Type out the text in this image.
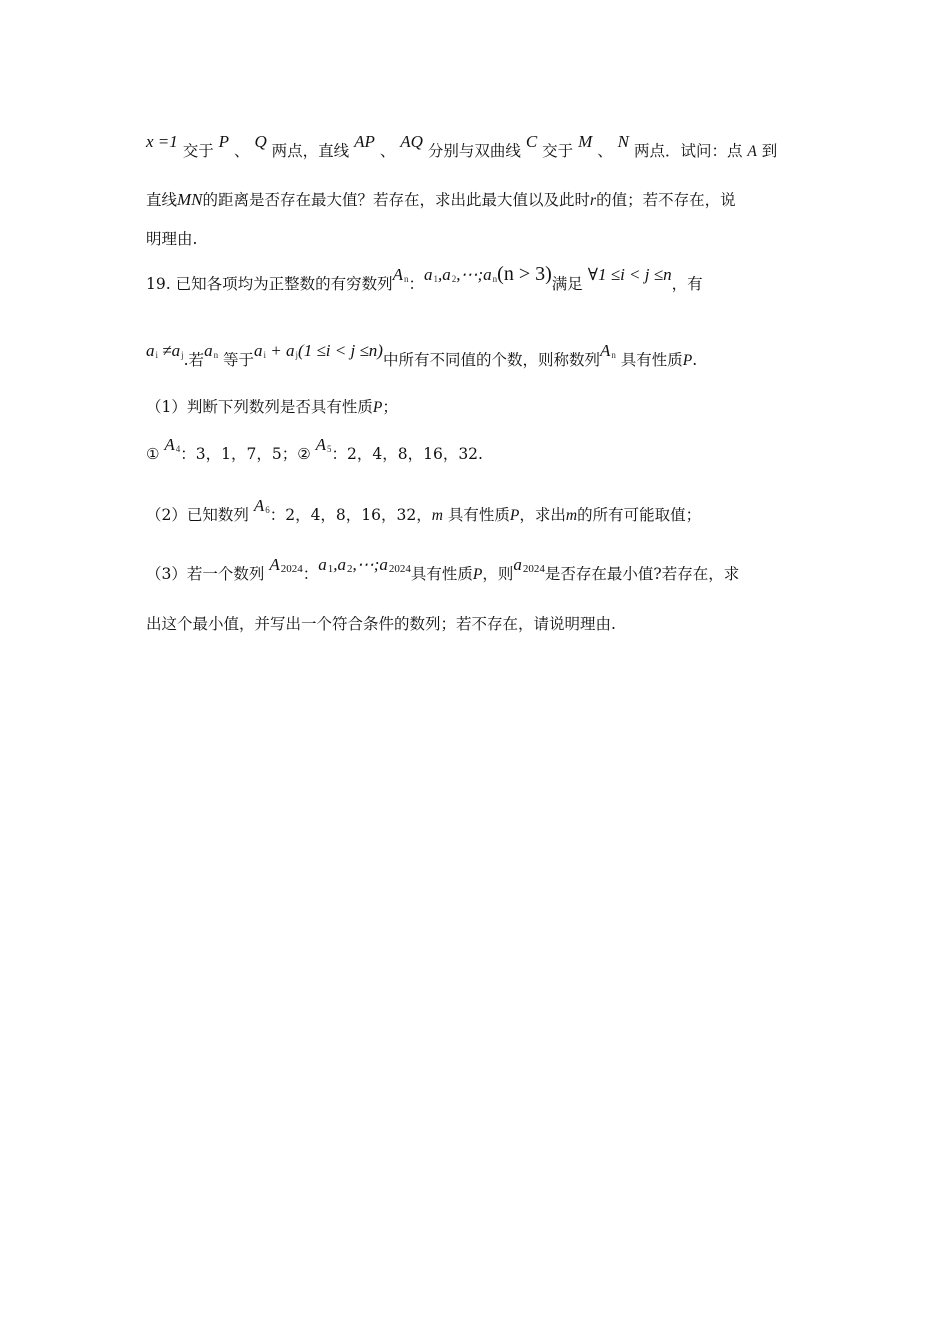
x =1 交于 P 、 Q 两点，直线 AP 、 AQ 分别与双曲线 C 交于 M 、 N 两点．试问：点 A 到
直线MN的距离是否存在最大值？若存在，求出此最大值以及此时r的值；若不存在，说
明理由.
19. 已知各项均为正整数的有穷数列$A_n$：$a_1,a_2,\cdots;a_n(n > 3)$满足 ∀1 ≤i < j ≤n，有
$a_i \ne a_j$.若$a_n$ 等于$a_i + a_j(1 \le i < j \le n)$中所有不同值的个数，则称数列$A_n$ 具有性质P.
（1）判断下列数列是否具有性质P；
① $A_4$：3，1，7，5；② $A_5$：2，4，8，16，32.
（2）已知数列 $A_6$：2，4，8，16，32，m 具有性质P，求出m的所有可能取值；
（3）若一个数列 A2024：a1,a2,⋯;a2024具有性质P，则a2024是否存在最小值?若存在，求
出这个最小值，并写出一个符合条件的数列；若不存在，请说明理由.
